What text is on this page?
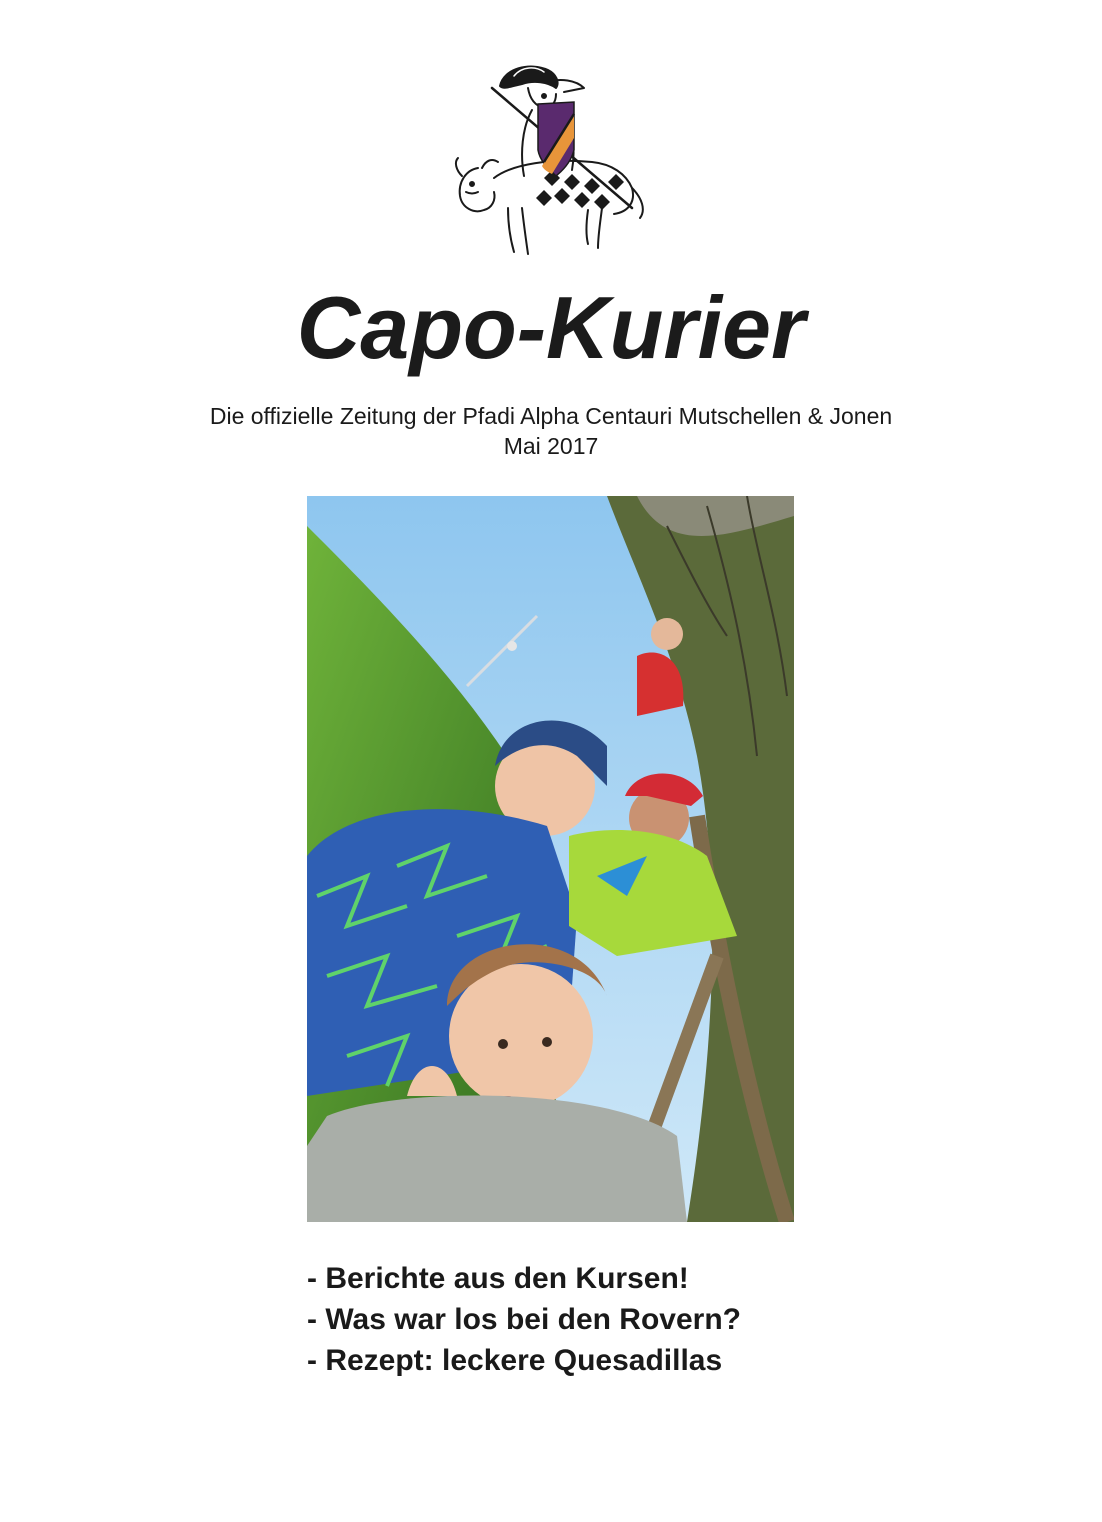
Capo-Kurier
Die offizielle Zeitung der Pfadi Alpha Centauri Mutschellen & Jonen
Mai 2017
- Berichte aus den Kursen!
- Was war los bei den Rovern?
- Rezept: leckere Quesadillas
